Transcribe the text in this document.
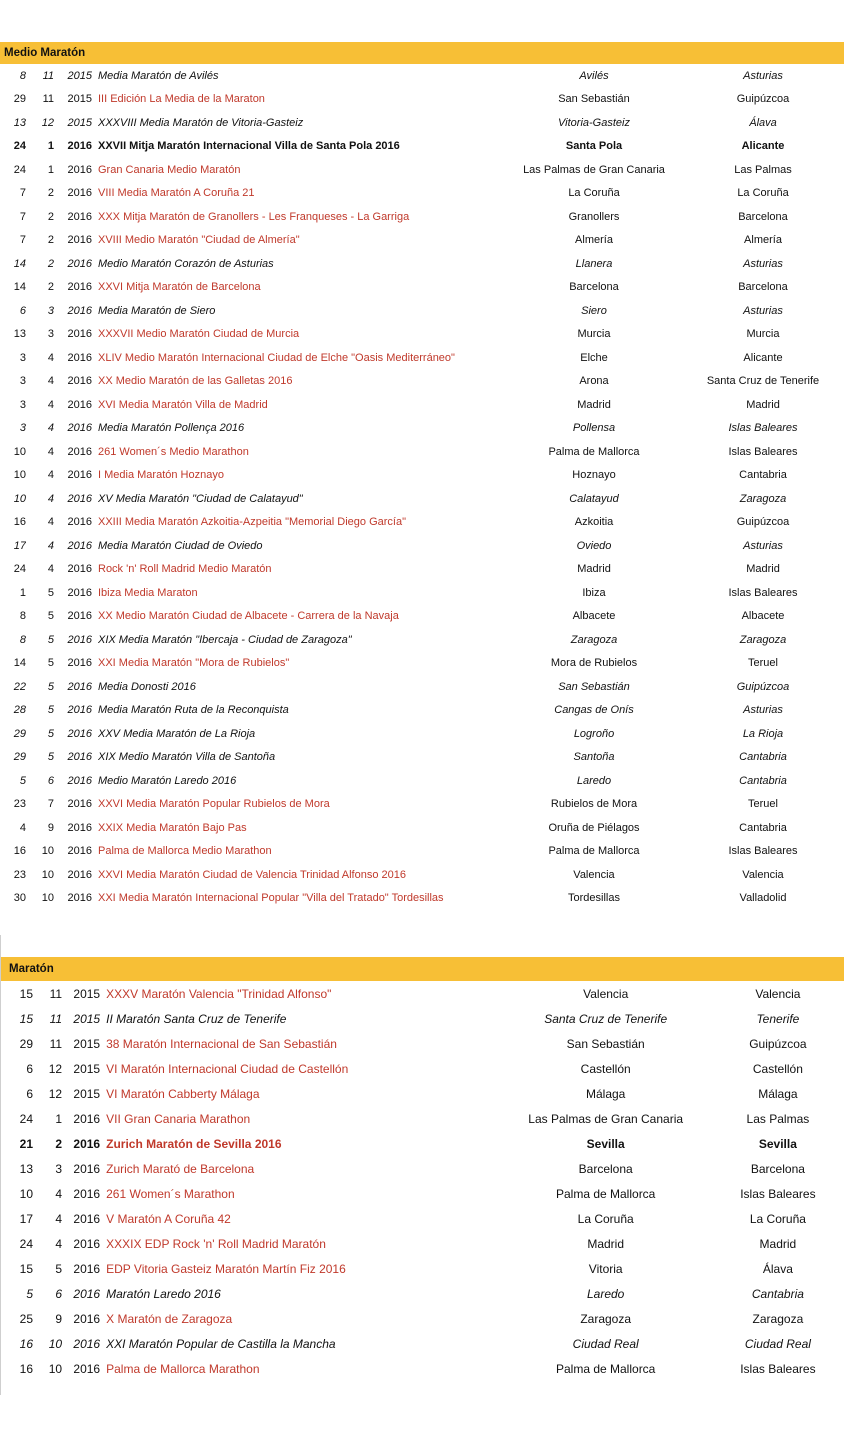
Medio Maratón
8	11	2015	Media Maratón de Avilés	Avilés	Asturias
29	11	2015	III Edición La Media de la Maraton	San Sebastián	Guipúzcoa
13	12	2015	XXXVIII Media Maratón de Vitoria-Gasteiz	Vitoria-Gasteiz	Álava
24	1	2016	XXVII Mitja Maratón Internacional Villa de Santa Pola 2016	Santa Pola	Alicante
24	1	2016	Gran Canaria Medio Maratón	Las Palmas de Gran Canaria	Las Palmas
7	2	2016	VIII Media Maratón A Coruña 21	La Coruña	La Coruña
7	2	2016	XXX Mitja Maratón de Granollers - Les Franqueses - La Garriga	Granollers	Barcelona
7	2	2016	XVIII Medio Maratón "Ciudad de Almería"	Almería	Almería
14	2	2016	Medio Maratón Corazón de Asturias	Llanera	Asturias
14	2	2016	XXVI Mitja Maratón de Barcelona	Barcelona	Barcelona
6	3	2016	Media Maratón de Siero	Siero	Asturias
13	3	2016	XXXVII Medio Maratón Ciudad de Murcia	Murcia	Murcia
3	4	2016	XLIV Medio Maratón Internacional Ciudad de Elche "Oasis Mediterráneo"	Elche	Alicante
3	4	2016	XX Medio Maratón de las Galletas 2016	Arona	Santa Cruz de Tenerife
3	4	2016	XVI Media Maratón Villa de Madrid	Madrid	Madrid
3	4	2016	Media Maratón Pollença 2016	Pollensa	Islas Baleares
10	4	2016	261 Women´s Medio Marathon	Palma de Mallorca	Islas Baleares
10	4	2016	I Media Maratón Hoznayo	Hoznayo	Cantabria
10	4	2016	XV Media Maratón "Ciudad de Calatayud"	Calatayud	Zaragoza
16	4	2016	XXIII Media Maratón Azkoitia-Azpeitia "Memorial Diego García"	Azkoitia	Guipúzcoa
17	4	2016	Media Maratón Ciudad de Oviedo	Oviedo	Asturias
24	4	2016	Rock 'n' Roll Madrid Medio Maratón	Madrid	Madrid
1	5	2016	Ibiza Media Maraton	Ibiza	Islas Baleares
8	5	2016	XX Medio Maratón Ciudad de Albacete - Carrera de la Navaja	Albacete	Albacete
8	5	2016	XIX Media Maratón "Ibercaja - Ciudad de Zaragoza"	Zaragoza	Zaragoza
14	5	2016	XXI Media Maratón "Mora de Rubielos"	Mora de Rubielos	Teruel
22	5	2016	Media Donosti 2016	San Sebastián	Guipúzcoa
28	5	2016	Media Maratón Ruta de la Reconquista	Cangas de Onís	Asturias
29	5	2016	XXV Media Maratón de La Rioja	Logroño	La Rioja
29	5	2016	XIX Medio Maratón Villa de Santoña	Santoña	Cantabria
5	6	2016	Medio Maratón Laredo 2016	Laredo	Cantabria
23	7	2016	XXVI Media Maratón Popular Rubielos de Mora	Rubielos de Mora	Teruel
4	9	2016	XXIX Media Maratón Bajo Pas	Oruña de Piélagos	Cantabria
16	10	2016	Palma de Mallorca Medio Marathon	Palma de Mallorca	Islas Baleares
23	10	2016	XXVI Media Maratón Ciudad de Valencia Trinidad Alfonso 2016	Valencia	Valencia
30	10	2016	XXI Media Maratón Internacional Popular "Villa del Tratado" Tordesillas	Tordesillas	Valladolid
Maratón
15	11	2015	XXXV Maratón Valencia "Trinidad Alfonso"	Valencia	Valencia
15	11	2015	II Maratón Santa Cruz de Tenerife	Santa Cruz de Tenerife	Tenerife
29	11	2015	38 Maratón Internacional de San Sebastián	San Sebastián	Guipúzcoa
6	12	2015	VI Maratón Internacional Ciudad de Castellón	Castellón	Castellón
6	12	2015	VI Maratón Cabberty Málaga	Málaga	Málaga
24	1	2016	VII Gran Canaria Marathon	Las Palmas de Gran Canaria	Las Palmas
21	2	2016	Zurich Maratón de Sevilla 2016	Sevilla	Sevilla
13	3	2016	Zurich Marató de Barcelona	Barcelona	Barcelona
10	4	2016	261 Women´s Marathon	Palma de Mallorca	Islas Baleares
17	4	2016	V Maratón A Coruña 42	La Coruña	La Coruña
24	4	2016	XXXIX EDP Rock 'n' Roll Madrid Maratón	Madrid	Madrid
15	5	2016	EDP Vitoria Gasteiz Maratón Martín Fiz 2016	Vitoria	Álava
5	6	2016	Maratón Laredo 2016	Laredo	Cantabria
25	9	2016	X Maratón de Zaragoza	Zaragoza	Zaragoza
16	10	2016	XXI Maratón Popular de Castilla la Mancha	Ciudad Real	Ciudad Real
16	10	2016	Palma de Mallorca Marathon	Palma de Mallorca	Islas Baleares
